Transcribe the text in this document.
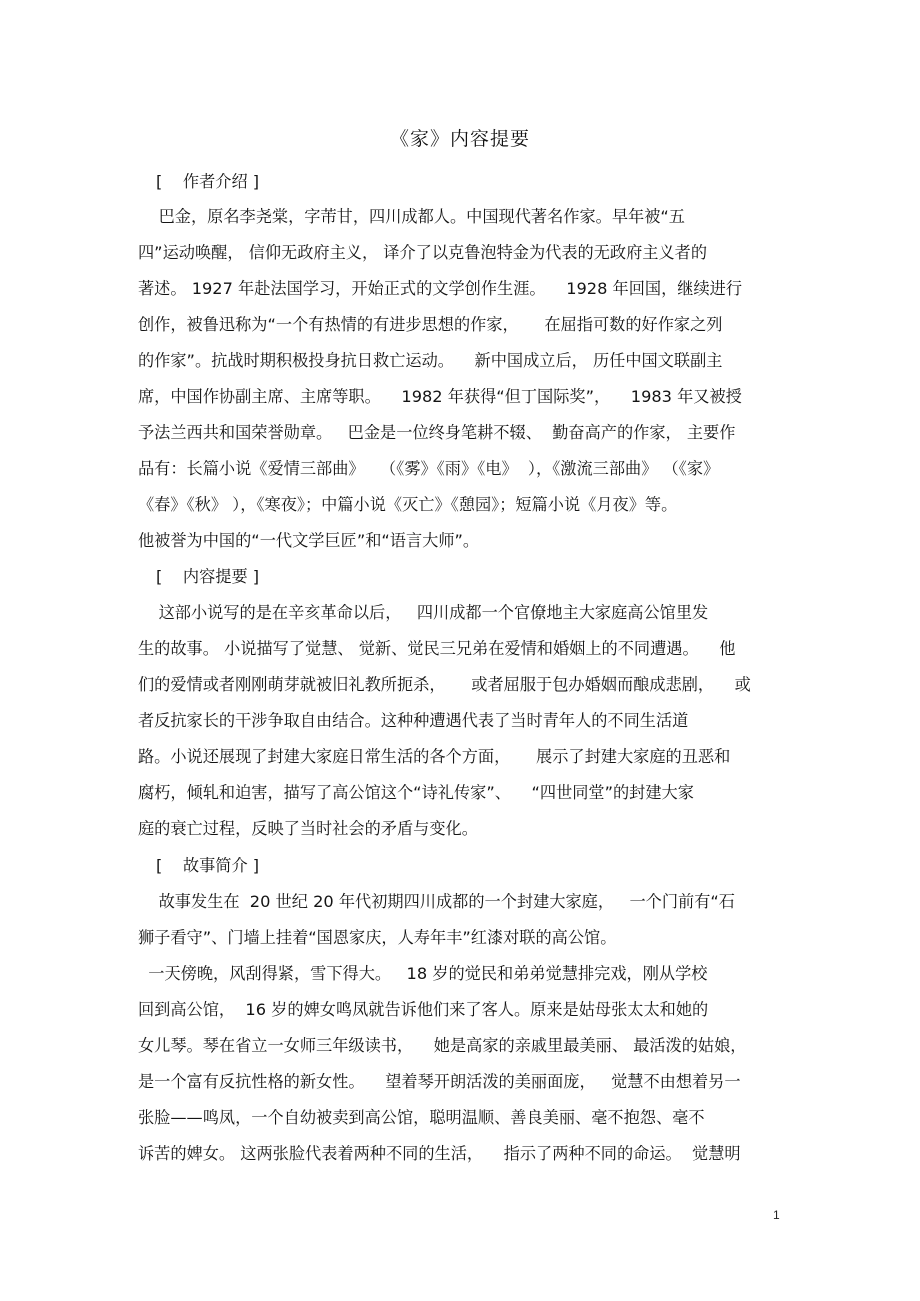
《家》内容提要
[    作者介绍 ]
巴金，原名李尧棠，字芾甘，四川成都人。中国现代著名作家。早年被“五
四”运动唤醒， 信仰无政府主义， 译介了以克鲁泡特金为代表的无政府主义者的
著述。 1927 年赴法国学习，开始正式的文学创作生涯。    1928 年回国，继续进行
创作，被鲁迅称为“一个有热情的有进步思想的作家，     在屈指可数的好作家之列
的作家”。抗战时期积极投身抗日救亡运动。    新中国成立后， 历任中国文联副主
席，中国作协副主席、主席等职。    1982 年获得“但丁国际奖”，    1983 年又被授
予法兰西共和国荣誉勋章。   巴金是一位终身笔耕不辍、  勤奋高产的作家， 主要作
品有：长篇小说《爱情三部曲》   （《雾》《雨》《电》  ），《激流三部曲》 （《家》
《春》《秋》 ），《寒夜》；中篇小说《灭亡》《憩园》；短篇小说《月夜》等。
他被誉为中国的“一代文学巨匠”和“语言大师”。
[    内容提要 ]
这部小说写的是在辛亥革命以后，   四川成都一个官僚地主大家庭高公馆里发
生的故事。 小说描写了觉慧、 觉新、觉民三兄弟在爱情和婚姻上的不同遭遇。    他
们的爱情或者刚刚萌芽就被旧礼教所扼杀，     或者屈服于包办婚姻而酿成悲剧，    或
者反抗家长的干涉争取自由结合。这种种遭遇代表了当时青年人的不同生活道
路。小说还展现了封建大家庭日常生活的各个方面，     展示了封建大家庭的丑恶和
腐朽，倾轧和迫害，描写了高公馆这个“诗礼传家”、    “四世同堂”的封建大家
庭的衰亡过程，反映了当时社会的矛盾与变化。
[    故事简介 ]
故事发生在  20 世纪 20 年代初期四川成都的一个封建大家庭，   一个门前有“石
狮子看守”、门墙上挂着“国恩家庆，人寿年丰”红漆对联的高公馆。
一天傍晚，风刮得紧，雪下得大。   18 岁的觉民和弟弟觉慧排完戏，刚从学校
回到高公馆，  16 岁的婢女鸣凤就告诉他们来了客人。原来是姑母张太太和她的
女儿琴。琴在省立一女师三年级读书，    她是高家的亲戚里最美丽、 最活泼的姑娘，
是一个富有反抗性格的新女性。    望着琴开朗活泼的美丽面庞，   觉慧不由想着另一
张脸——鸣凤，一个自幼被卖到高公馆，聪明温顺、善良美丽、毫不抱怨、毫不
诉苦的婢女。 这两张脸代表着两种不同的生活，    指示了两种不同的命运。  觉慧明
1
